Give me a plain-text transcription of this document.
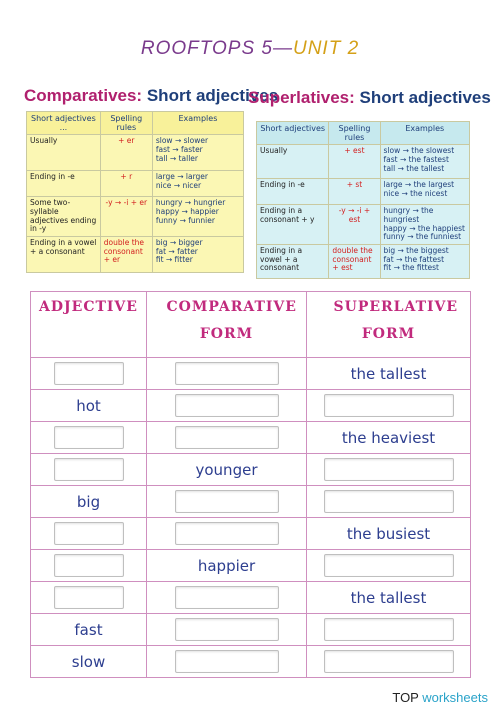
ROOFTOPS 5—UNIT 2
Comparatives: Short adjectives
Short adjectives ...	Spelling rules	Examples
Usually	+ er	slow → slower
fast → faster
tall → taller

Ending in -e	+ r	large → larger
nice → nicer

Some two-syllable adjectives ending in -y	-y → -i + er	hungry → hungrier
happy → happier
funny → funnier

Ending in a vowel + a consonant	double the consonant + er	big → bigger
fat → fatter
fit → fitter
Superlatives: Short adjectives
Short adjectives	Spelling rules	Examples
Usually	+ est	slow → the slowest
fast → the fastest
tall → the tallest

Ending in -e	+ st	large → the largest
nice → the nicest

Ending in a consonant + y	-y → -i + est	hungry → the hungriest
happy → the happiest
funny → the funniest

Ending in a vowel + a consonant	double the consonant + est	big → the biggest
fat → the fattest
fit → the fittest
ADJECTIVE	COMPARATIVE FORM	SUPERLATIVE FORM

		the tallest
hot		
		the heaviest
	younger	
big		
		the busiest
	happier	
		the tallest
fast		
slow		
TOP worksheets
